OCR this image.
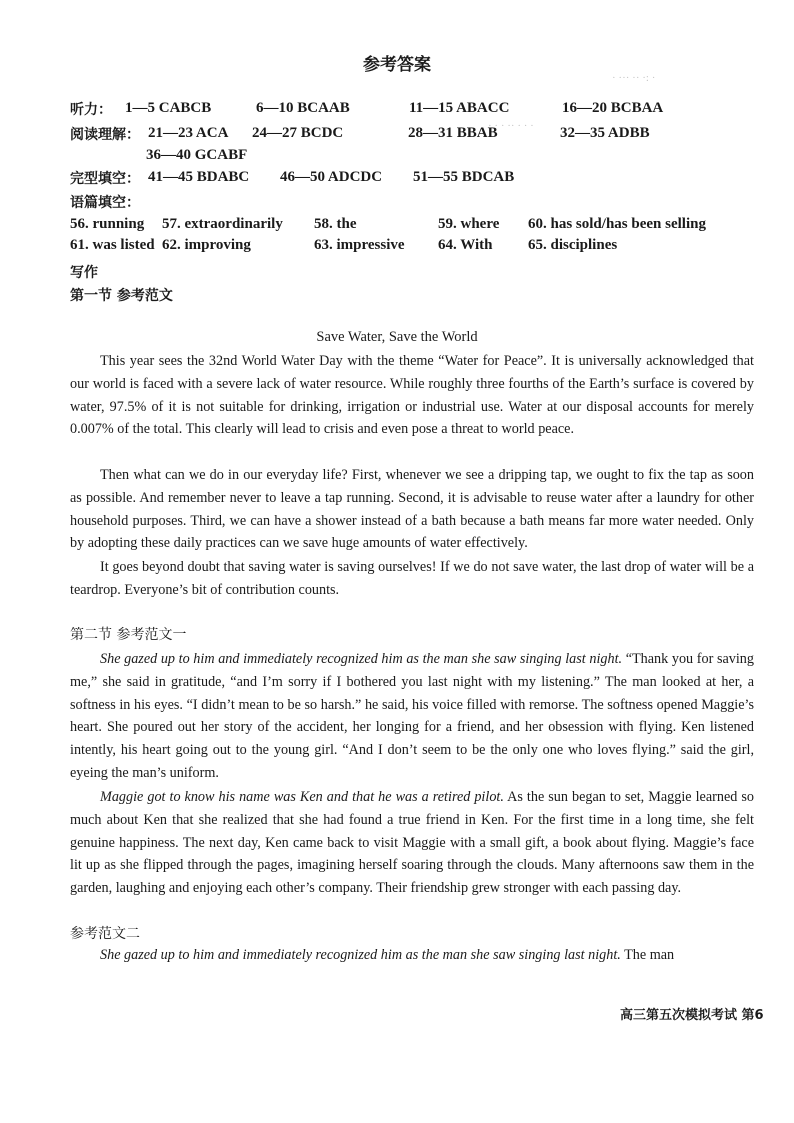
参考答案
· ··· ·· ·: ·
· · · ·· · · ·
听力： 1—5 CABCB	6—10 BCAAB	11—15 ABACC	16—20 BCBAA
阅读理解： 21—23 ACA 24—27 BCDC	28—31 BBAB	32—35 ADBB
36—40 GCABF
完型填空： 41—45 BDABC 46—50 ADCDC 51—55 BDCAB
语篇填空：
56. running 57. extraordinarily 58. the	59. where 60. has sold/has been selling
61. was listed 62. improving	63. impressive 64. With 65. disciplines
写作
第一节 参考范文
Save Water, Save the World
This year sees the 32nd World Water Day with the theme “Water for Peace”. It is universally acknowledged that our world is faced with a severe lack of water resource. While roughly three fourths of the Earth’s surface is covered by water, 97.5% of it is not suitable for drinking, irrigation or industrial use. Water at our disposal accounts for merely 0.007% of the total. This clearly will lead to crisis and even pose a threat to world peace.
Then what can we do in our everyday life? First, whenever we see a dripping tap, we ought to fix the tap as soon as possible. And remember never to leave a tap running. Second, it is advisable to reuse water after a laundry for other household purposes. Third, we can have a shower instead of a bath because a bath means far more water needed. Only by adopting these daily practices can we save huge amounts of water effectively.
It goes beyond doubt that saving water is saving ourselves! If we do not save water, the last drop of water will be a teardrop. Everyone’s bit of contribution counts.
第二节 参考范文一
She gazed up to him and immediately recognized him as the man she saw singing last night. “Thank you for saving me,” she said in gratitude, “and I’m sorry if I bothered you last night with my listening.” The man looked at her, a softness in his eyes. “I didn’t mean to be so harsh.” he said, his voice filled with remorse. The softness opened Maggie’s heart. She poured out her story of the accident, her longing for a friend, and her obsession with flying. Ken listened intently, his heart going out to the young girl. “And I don’t seem to be the only one who loves flying.” said the girl, eyeing the man’s uniform.
Maggie got to know his name was Ken and that he was a retired pilot. As the sun began to set, Maggie learned so much about Ken that she realized that she had found a true friend in Ken. For the first time in a long time, she felt genuine happiness. The next day, Ken came back to visit Maggie with a small gift, a book about flying. Maggie’s face lit up as she flipped through the pages, imagining herself soaring through the clouds. Many afternoons saw them in the garden, laughing and enjoying each other’s company. Their friendship grew stronger with each passing day.
参考范文二
She gazed up to him and immediately recognized him as the man she saw singing last night. The man
高三第五次模拟考试 第6
